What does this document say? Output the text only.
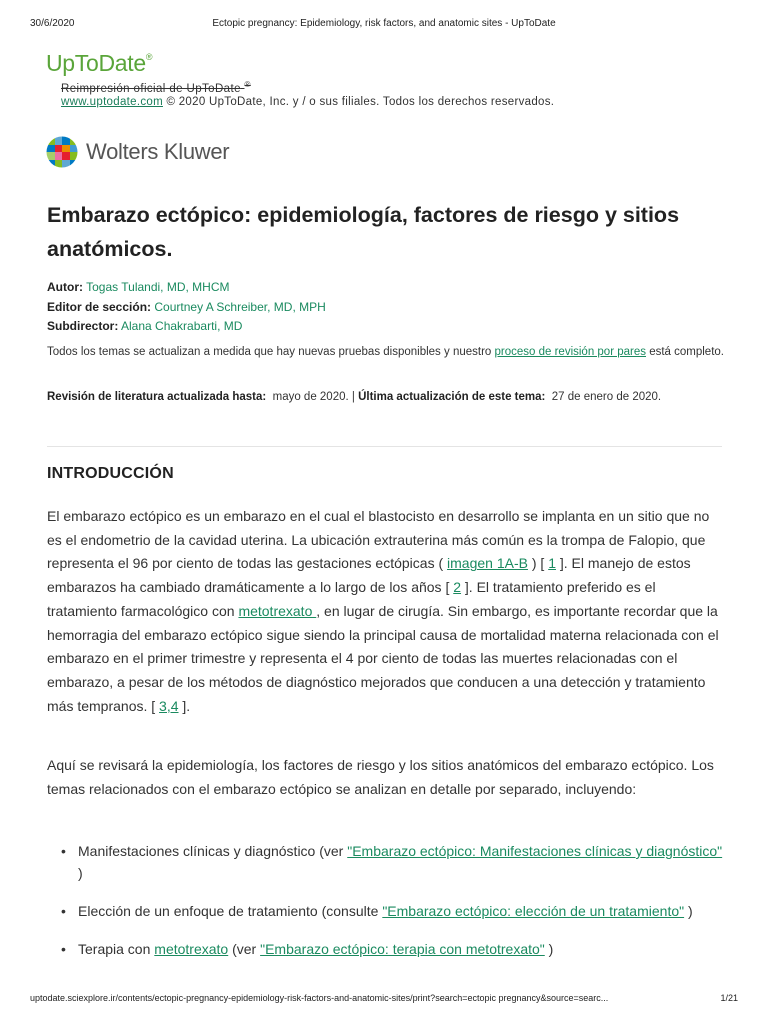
30/6/2020	Ectopic pregnancy: Epidemiology, risk factors, and anatomic sites - UpToDate
UpToDate®
Reimpresión oficial de UpToDate ®
www.uptodate.com © 2020 UpToDate, Inc. y / o sus filiales. Todos los derechos reservados.
Wolters Kluwer
Embarazo ectópico: epidemiología, factores de riesgo y sitios anatómicos.
Autor: Togas Tulandi, MD, MHCM
Editor de sección: Courtney A Schreiber, MD, MPH
Subdirector: Alana Chakrabarti, MD
Todos los temas se actualizan a medida que hay nuevas pruebas disponibles y nuestro proceso de revisión por pares está completo.
Revisión de literatura actualizada hasta: mayo de 2020. | Última actualización de este tema: 27 de enero de 2020.
INTRODUCCIÓN

El embarazo ectópico es un embarazo en el cual el blastocisto en desarrollo se implanta en un sitio que no es el endometrio de la cavidad uterina. La ubicación extrauterina más común es la trompa de Falopio, que representa el 96 por ciento de todas las gestaciones ectópicas ( imagen 1A-B ) [ 1 ]. El manejo de estos embarazos ha cambiado dramáticamente a lo largo de los años [ 2 ]. El tratamiento preferido es el tratamiento farmacológico con metotrexato , en lugar de cirugía. Sin embargo, es importante recordar que la hemorragia del embarazo ectópico sigue siendo la principal causa de mortalidad materna relacionada con el embarazo en el primer trimestre y representa el 4 por ciento de todas las muertes relacionadas con el embarazo, a pesar de los métodos de diagnóstico mejorados que conducen a una detección y tratamiento más tempranos. [ 3,4 ].

Aquí se revisará la epidemiología, los factores de riesgo y los sitios anatómicos del embarazo ectópico. Los temas relacionados con el embarazo ectópico se analizan en detalle por separado, incluyendo:

• Manifestaciones clínicas y diagnóstico (ver "Embarazo ectópico: Manifestaciones clínicas y diagnóstico" )
• Elección de un enfoque de tratamiento (consulte "Embarazo ectópico: elección de un tratamiento" )
• Terapia con metotrexato (ver "Embarazo ectópico: terapia con metotrexato" )
uptodate.sciexplore.ir/contents/ectopic-pregnancy-epidemiology-risk-factors-and-anatomic-sites/print?search=ectopic pregnancy&source=searc...	1/21
